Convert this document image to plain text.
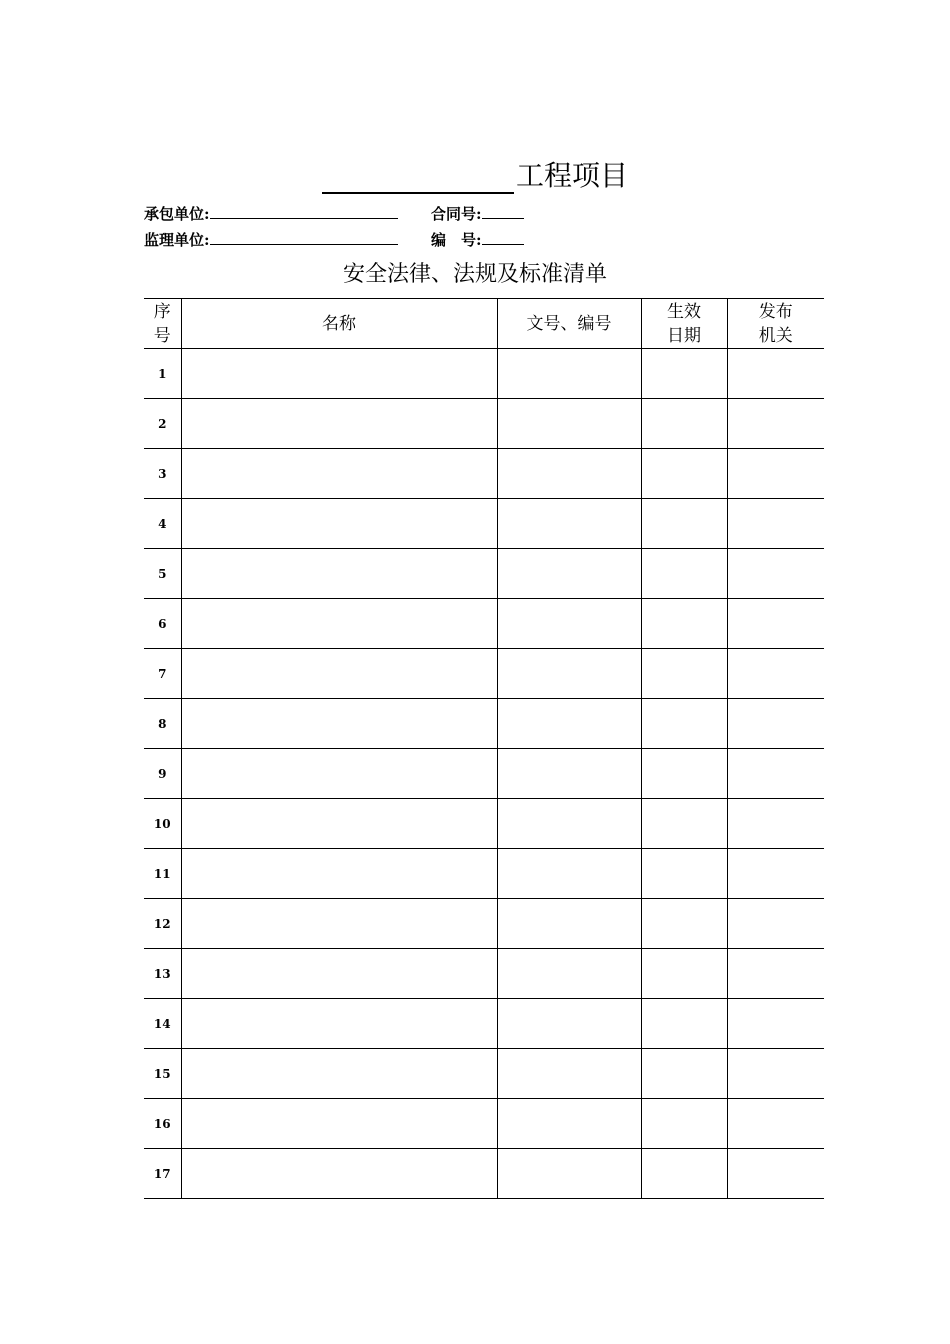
工程项目
承包单位:	合同号:
监理单位:	编　号:
安全法律、法规及标准清单
序号	名称	文号、编号	生效日期	发布机关
1				
2				
3				
4				
5				
6				
7				
8				
9				
10				
11				
12				
13				
14				
15				
16				
17				
